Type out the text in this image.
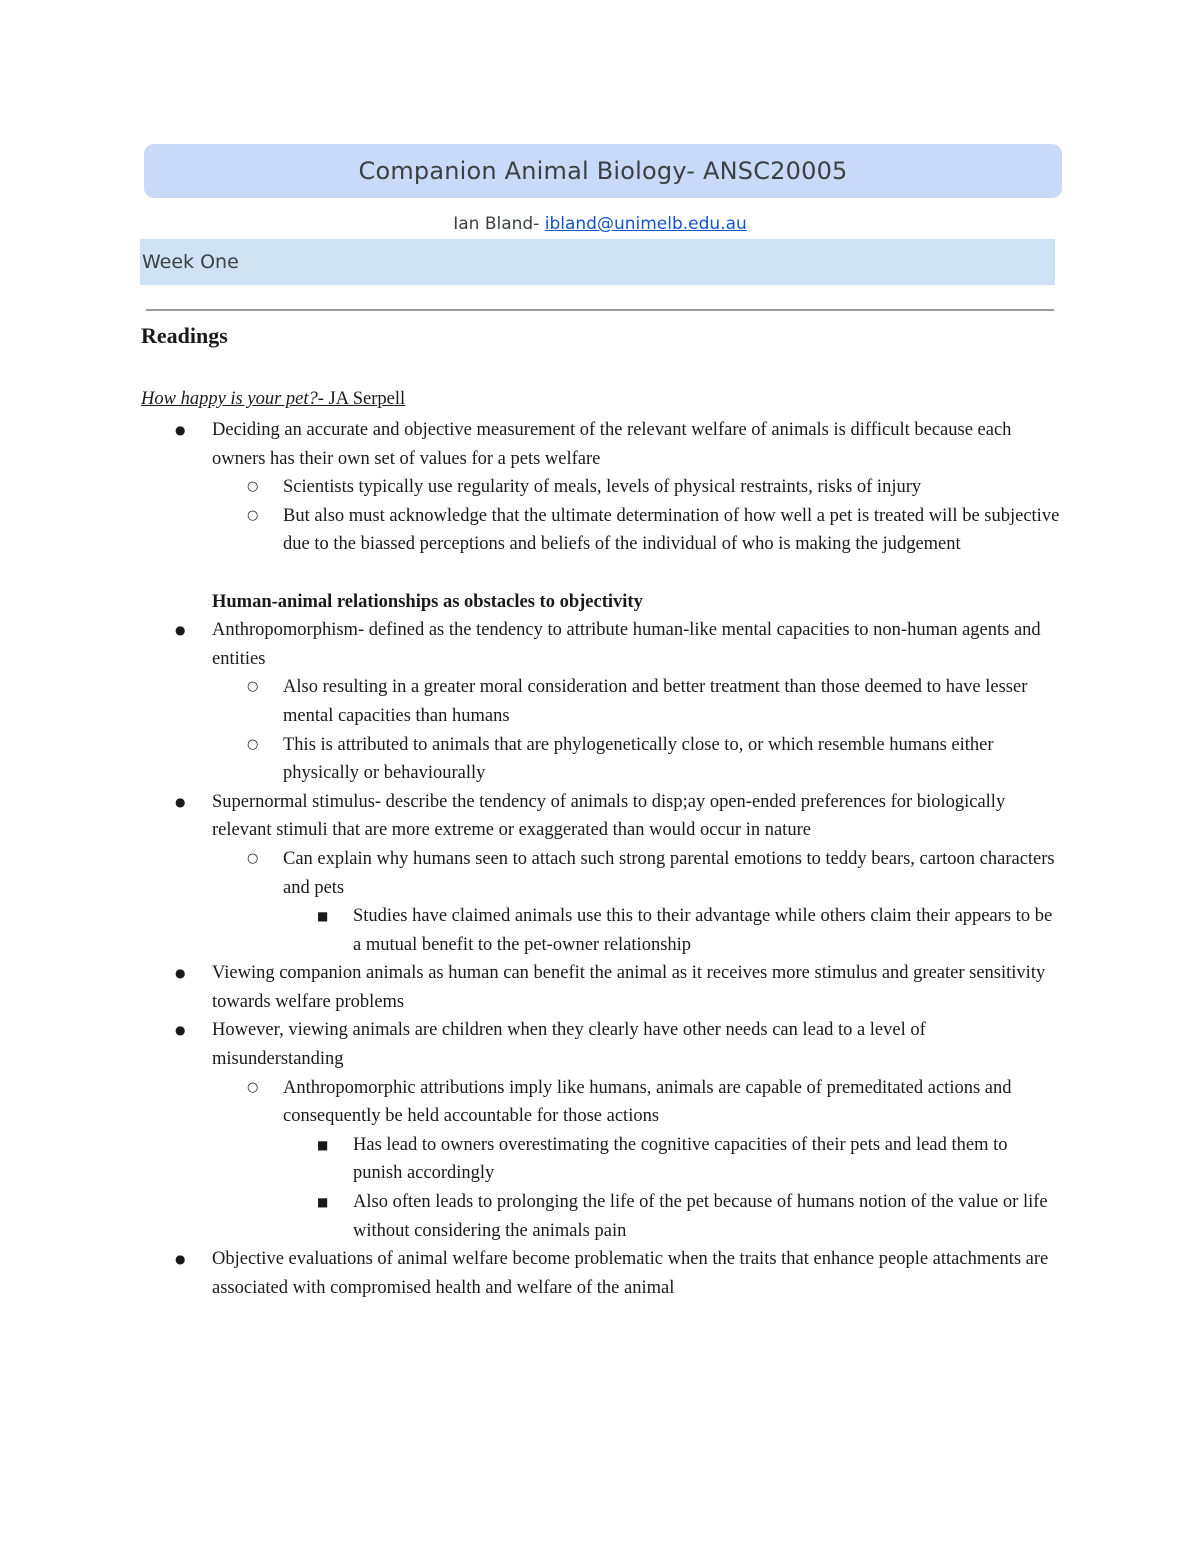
Companion Animal Biology- ANSC20005
Ian Bland- ibland@unimelb.edu.au
Week One
Readings
How happy is your pet?- JA Serpell
● Deciding an accurate and objective measurement of the relevant welfare of animals is difficult because each owners has their own set of values for a pets welfare
○ Scientists typically use regularity of meals, levels of physical restraints, risks of injury
○ But also must acknowledge that the ultimate determination of how well a pet is treated will be subjective due to the biassed perceptions and beliefs of the individual of who is making the judgement
Human-animal relationships as obstacles to objectivity
● Anthropomorphism- defined as the tendency to attribute human-like mental capacities to non-human agents and entities
○ Also resulting in a greater moral consideration and better treatment than those deemed to have lesser mental capacities than humans
○ This is attributed to animals that are phylogenetically close to, or which resemble humans either physically or behaviourally
● Supernormal stimulus- describe the tendency of animals to disp;ay open-ended preferences for biologically relevant stimuli that are more extreme or exaggerated than would occur in nature
○ Can explain why humans seen to attach such strong parental emotions to teddy bears, cartoon characters and pets
■ Studies have claimed animals use this to their advantage while others claim their appears to be a mutual benefit to the pet-owner relationship
● Viewing companion animals as human can benefit the animal as it receives more stimulus and greater sensitivity towards welfare problems
● However, viewing animals are children when they clearly have other needs can lead to a level of misunderstanding
○ Anthropomorphic attributions imply like humans, animals are capable of premeditated actions and consequently be held accountable for those actions
■ Has lead to owners overestimating the cognitive capacities of their pets and lead them to punish accordingly
■ Also often leads to prolonging the life of the pet because of humans notion of the value or life without considering the animals pain
● Objective evaluations of animal welfare become problematic when the traits that enhance people attachments are associated with compromised health and welfare of the animal
